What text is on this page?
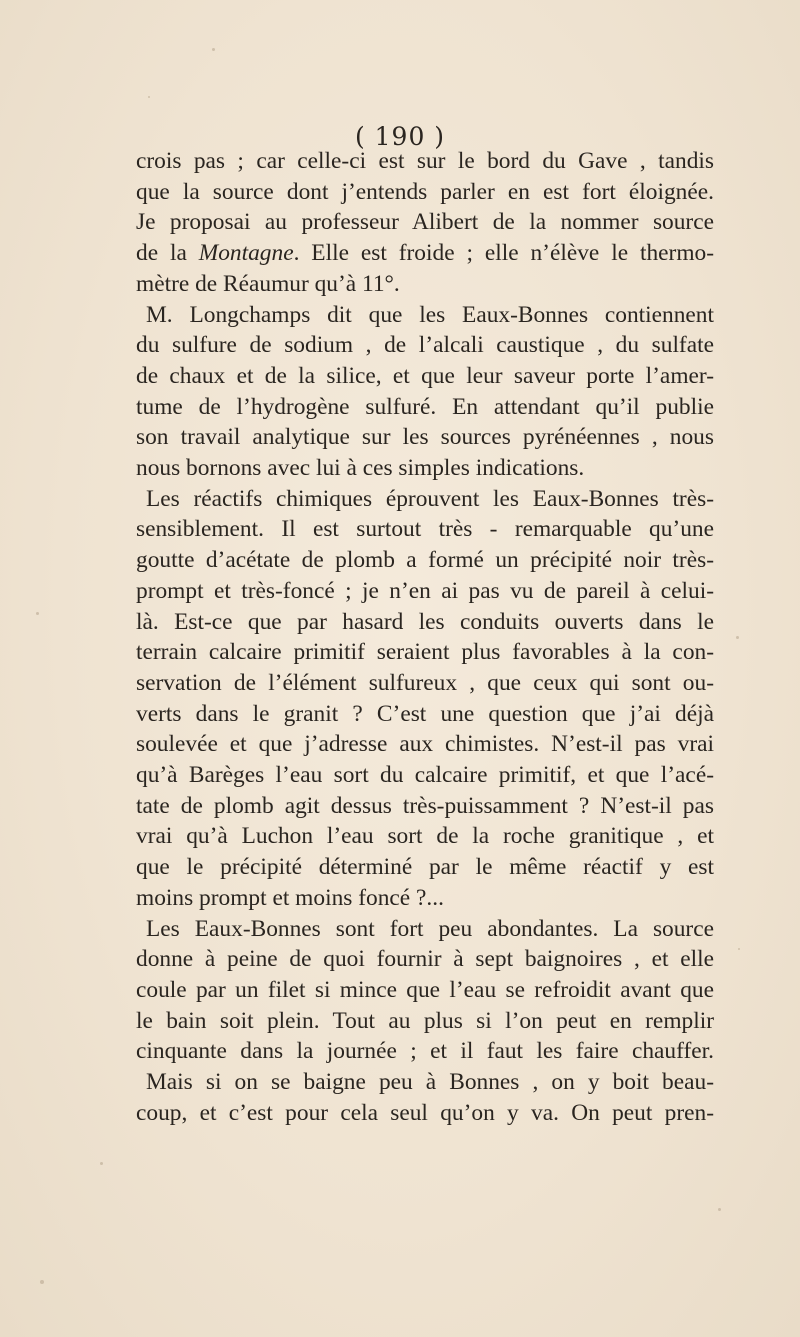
( 190 )
crois pas ; car celle-ci est sur le bord du Gave , tandis
que la source dont j’entends parler en est fort éloignée.
Je proposai au professeur Alibert de la nommer source
de la Montagne. Elle est froide ; elle n’élève le thermo-
mètre de Réaumur qu’à 11°.
M. Longchamps dit que les Eaux-Bonnes contiennent
du sulfure de sodium , de l’alcali caustique , du sulfate
de chaux et de la silice, et que leur saveur porte l’amer-
tume de l’hydrogène sulfuré. En attendant qu’il publie
son travail analytique sur les sources pyrénéennes , nous
nous bornons avec lui à ces simples indications.
Les réactifs chimiques éprouvent les Eaux-Bonnes très-
sensiblement. Il est surtout très - remarquable qu’une
goutte d’acétate de plomb a formé un précipité noir très-
prompt et très-foncé ; je n’en ai pas vu de pareil à celui-
là. Est-ce que par hasard les conduits ouverts dans le
terrain calcaire primitif seraient plus favorables à la con-
servation de l’élément sulfureux , que ceux qui sont ou-
verts dans le granit ? C’est une question que j’ai déjà
soulevée et que j’adresse aux chimistes. N’est-il pas vrai
qu’à Barèges l’eau sort du calcaire primitif, et que l’acé-
tate de plomb agit dessus très-puissamment ? N’est-il pas
vrai qu’à Luchon l’eau sort de la roche granitique , et
que le précipité déterminé par le même réactif y est
moins prompt et moins foncé ?...
Les Eaux-Bonnes sont fort peu abondantes. La source
donne à peine de quoi fournir à sept baignoires , et elle
coule par un filet si mince que l’eau se refroidit avant que
le bain soit plein. Tout au plus si l’on peut en remplir
cinquante dans la journée ; et il faut les faire chauffer.
Mais si on se baigne peu à Bonnes , on y boit beau-
coup, et c’est pour cela seul qu’on y va. On peut pren-
